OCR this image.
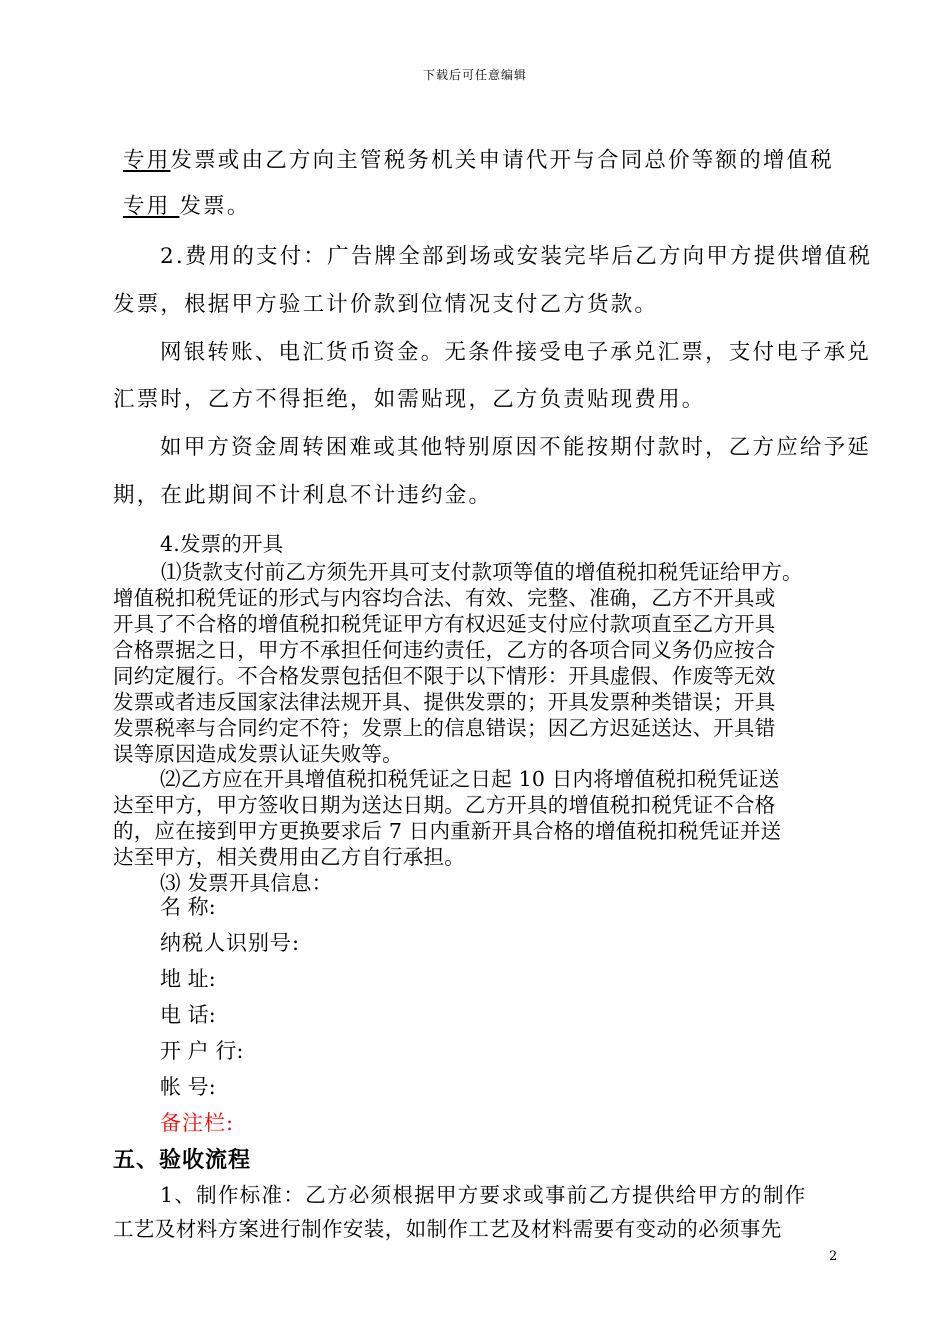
下载后可任意编辑
专用发票或由乙方向主管税务机关申请代开与合同总价等额的增值税
专用 发票。
2.费用的支付：广告牌全部到场或安装完毕后乙方向甲方提供增值税
发票，根据甲方验工计价款到位情况支付乙方货款。
网银转账、电汇货币资金。无条件接受电子承兑汇票，支付电子承兑
汇票时，乙方不得拒绝，如需贴现，乙方负责贴现费用。
如甲方资金周转困难或其他特别原因不能按期付款时，乙方应给予延
期，在此期间不计利息不计违约金。
4.发票的开具
⑴货款支付前乙方须先开具可支付款项等值的增值税扣税凭证给甲方。
增值税扣税凭证的形式与内容均合法、有效、完整、准确，乙方不开具或
开具了不合格的增值税扣税凭证甲方有权迟延支付应付款项直至乙方开具
合格票据之日，甲方不承担任何违约责任，乙方的各项合同义务仍应按合
同约定履行。不合格发票包括但不限于以下情形：开具虚假、作废等无效
发票或者违反国家法律法规开具、提供发票的；开具发票种类错误；开具
发票税率与合同约定不符；发票上的信息错误；因乙方迟延送达、开具错
误等原因造成发票认证失败等。
⑵乙方应在开具增值税扣税凭证之日起 10 日内将增值税扣税凭证送
达至甲方，甲方签收日期为送达日期。乙方开具的增值税扣税凭证不合格
的，应在接到甲方更换要求后 7 日内重新开具合格的增值税扣税凭证并送
达至甲方，相关费用由乙方自行承担。
⑶ 发票开具信息：
名 称:
纳税人识别号:
地 址:
电 话:
开 户 行:
帐 号:
备注栏:
五、验收流程
1、制作标准：乙方必须根据甲方要求或事前乙方提供给甲方的制作
工艺及材料方案进行制作安装，如制作工艺及材料需要有变动的必须事先
2
